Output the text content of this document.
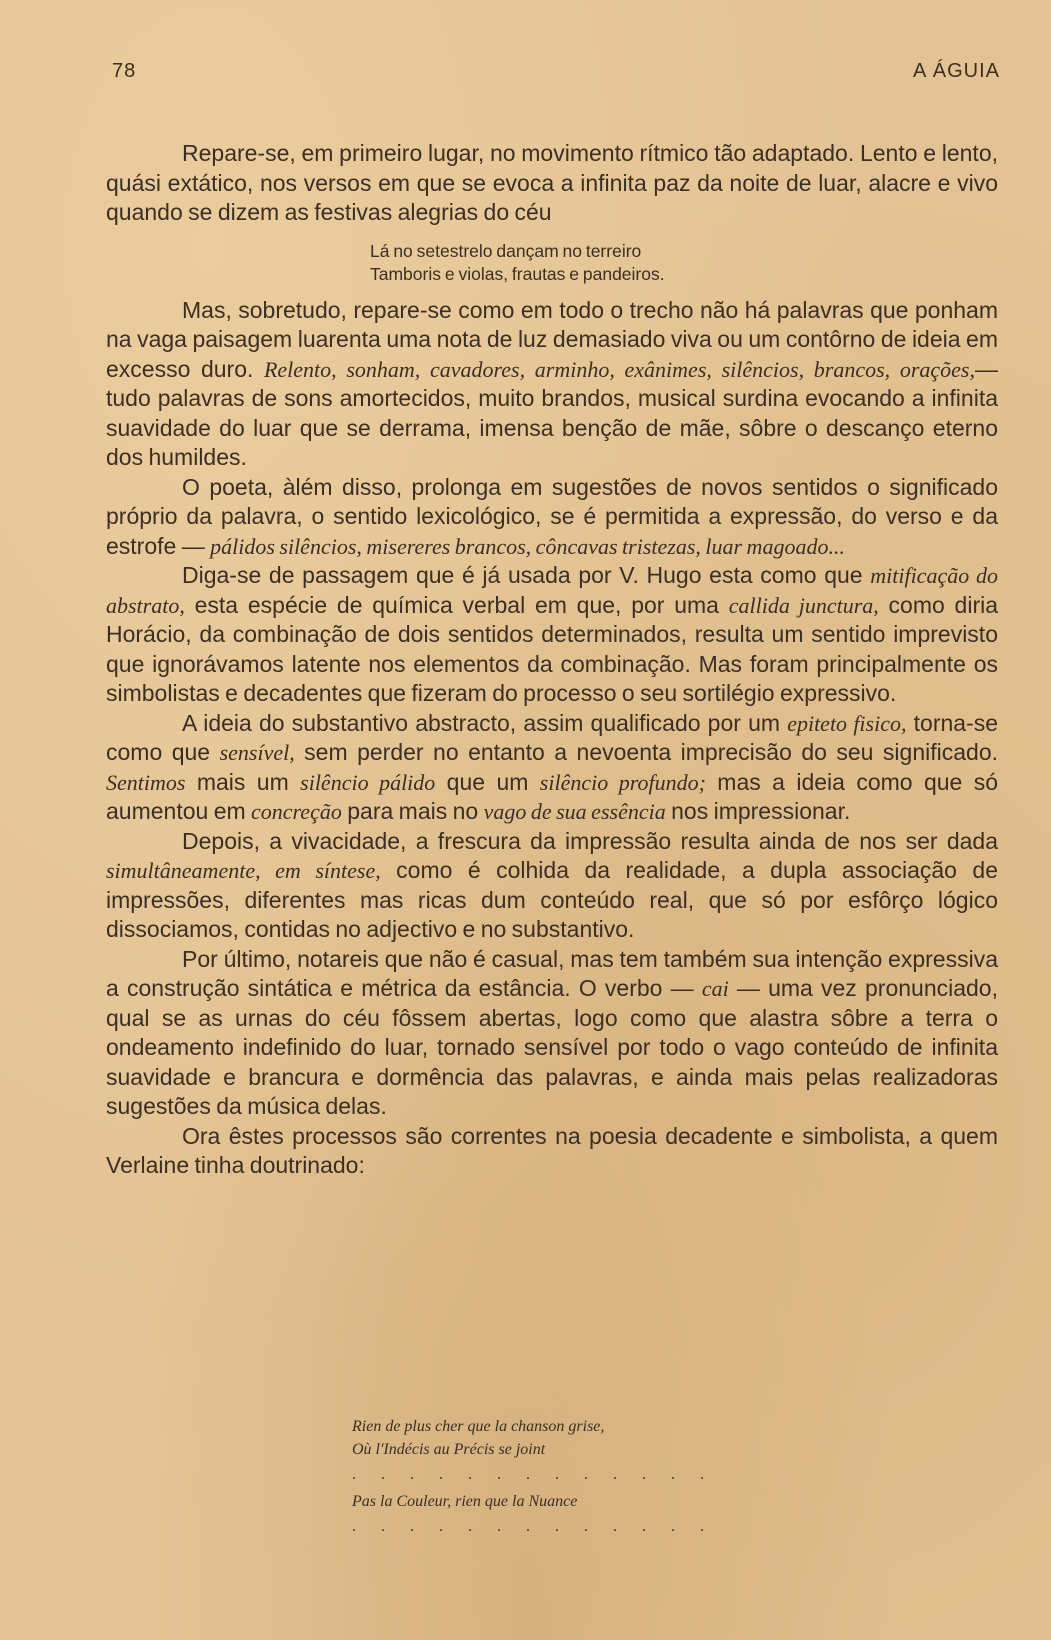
78	A ÁGUIA

Repare-se, em primeiro lugar, no movimento rítmico tão adaptado. Lento e lento, quási extático, nos versos em que se evoca a infinita paz da noite de luar, alacre e vivo quando se dizem as festivas alegrias do céu

Lá no setestrelo dançam no terreiro
Tamboris e violas, frautas e pandeiros.

Mas, sobretudo, repare-se como em todo o trecho não há palavras que ponham na vaga paisagem luarenta uma nota de luz demasiado viva ou um contôrno de ideia em excesso duro. Relento, sonham, cavadores, arminho, exânimes, silêncios, brancos, orações,— tudo palavras de sons amortecidos, muito brandos, musical surdina evocando a infinita suavidade do luar que se derrama, imensa benção de mãe, sôbre o descanço eterno dos humildes.

O poeta, àlém disso, prolonga em sugestões de novos sentidos o significado próprio da palavra, o sentido lexicológico, se é permitida a expressão, do verso e da estrofe — pálidos silêncios, misereres brancos, côncavas tristezas, luar magoado...

Diga-se de passagem que é já usada por V. Hugo esta como que mitificação do abstrato, esta espécie de química verbal em que, por uma callida junctura, como diria Horácio, da combinação de dois sentidos determinados, resulta um sentido imprevisto que ignorávamos latente nos elementos da combinação. Mas foram principalmente os simbolistas e decadentes que fizeram do processo o seu sortilégio expressivo.

A ideia do substantivo abstracto, assim qualificado por um epiteto fisico, torna-se como que sensível, sem perder no entanto a nevoenta imprecisão do seu significado. Sentimos mais um silêncio pálido que um silêncio profundo; mas a ideia como que só aumentou em concreção para mais no vago de sua essência nos impressionar.

Depois, a vivacidade, a frescura da impressão resulta ainda de nos ser dada simultâneamente, em síntese, como é colhida da realidade, a dupla associação de impressões, diferentes mas ricas dum conteúdo real, que só por esfôrço lógico dissociamos, contidas no adjectivo e no substantivo.

Por último, notareis que não é casual, mas tem também sua intenção expressiva a construção sintática e métrica da estância. O verbo — cai — uma vez pronunciado, qual se as urnas do céu fôssem abertas, logo como que alastra sôbre a terra o ondeamento indefinido do luar, tornado sensível por todo o vago conteúdo de infinita suavidade e brancura e dormência das palavras, e ainda mais pelas realizadoras sugestões da música delas.

Ora êstes processos são correntes na poesia decadente e simbolista, a quem Verlaine tinha doutrinado:

Rien de plus cher que la chanson grise,
Où l'Indécis au Précis se joint
. . . . . . . . . . . . .
Pas la Couleur, rien que la Nuance
. . . . . . . . . . . . .
